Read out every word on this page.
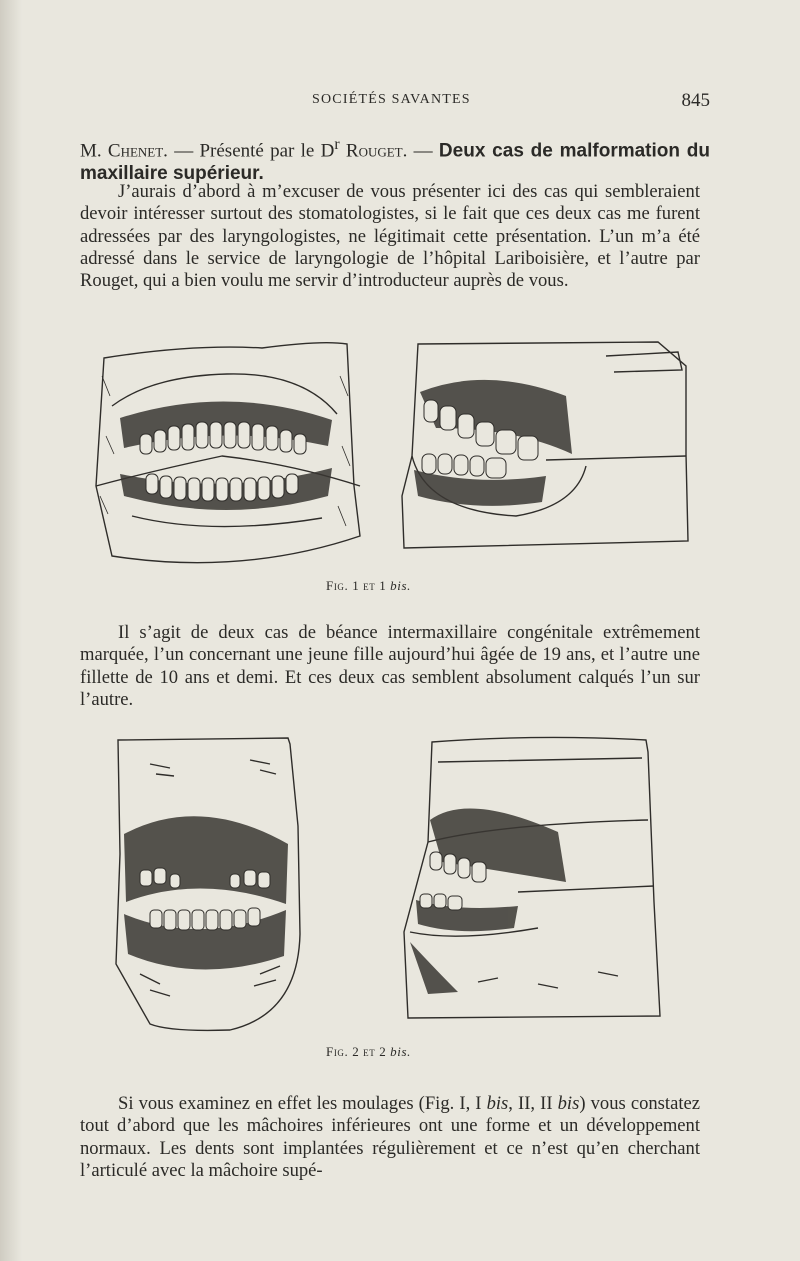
SOCIÉTÉS SAVANTES	845
M. Chenet. — Présenté par le $D^r$ Rouget. — Deux cas de malformation du maxillaire supérieur.

J’aurais d’abord à m’excuser de vous présenter ici des cas qui sembleraient devoir intéresser surtout des stomatologistes, si le fait que ces deux cas me furent adressées par des laryngologistes, ne légitimait cette présentation. L’un m’a été adressé dans le service de laryngologie de l’hôpital Lariboisière, et l’autre par Rouget, qui a bien voulu me servir d’introducteur auprès de vous.

Fig. 1 et 1 bis.

Il s’agit de deux cas de béance intermaxillaire congénitale extrêmement marquée, l’un concernant une jeune fille aujourd’hui âgée de 19 ans, et l’autre une fillette de 10 ans et demi. Et ces deux cas semblent absolument calqués l’un sur l’autre.

Fig. 2 et 2 bis.

Si vous examinez en effet les moulages (Fig. I, I bis, II, II bis) vous constatez tout d’abord que les mâchoires inférieures ont une forme et un développement normaux. Les dents sont implantées régulièrement et ce n’est qu’en cherchant l’articulé avec la mâchoire supé-
